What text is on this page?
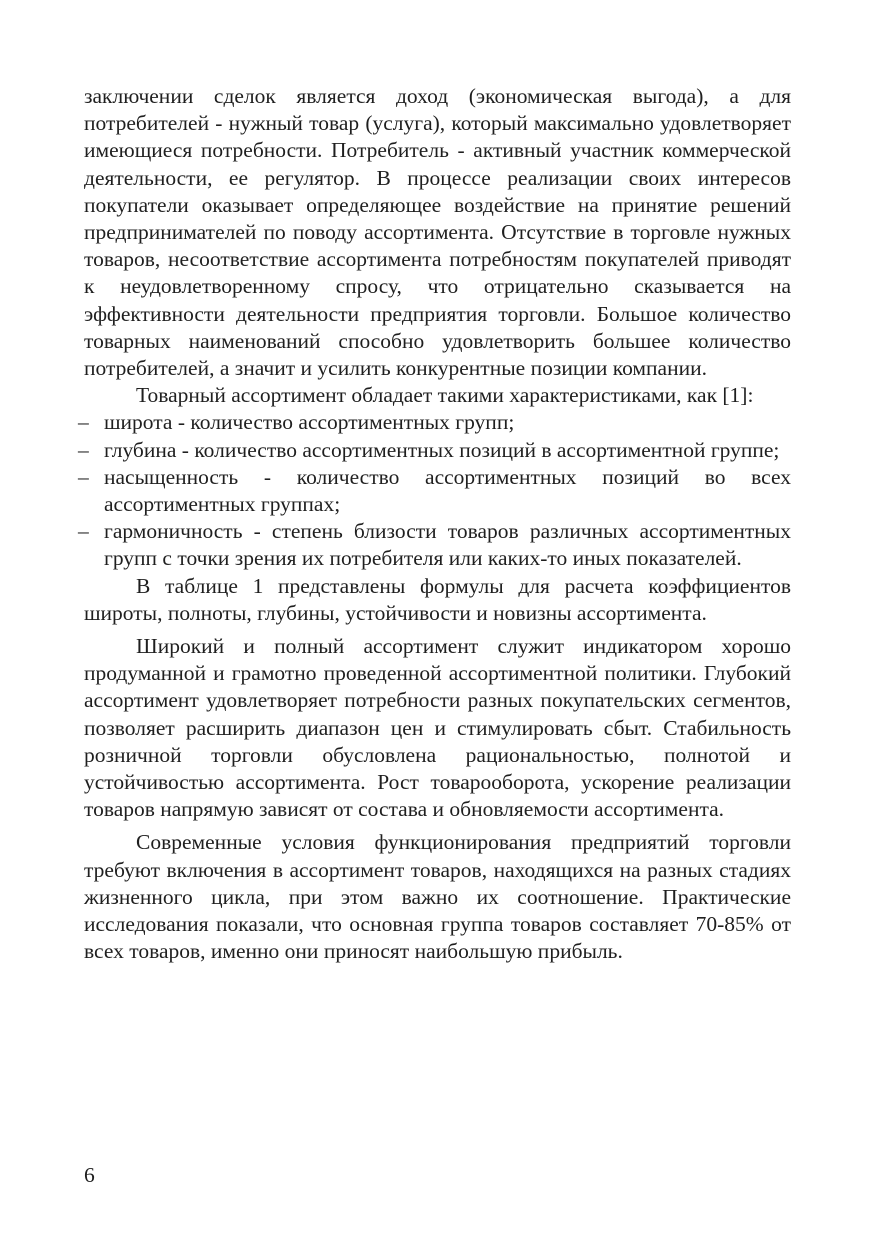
заключении сделок является доход (экономическая выгода), а для потребителей - нужный товар (услуга), который максимально удовлетворяет имеющиеся потребности. Потребитель - активный участник коммерческой деятельности, ее регулятор. В процессе реализации своих интересов покупатели оказывает определяющее воздействие на принятие решений предпринимателей по поводу ассортимента. Отсутствие в торговле нужных товаров, несоответствие ассортимента потребностям покупателей приводят к неудовлетворенному спросу, что отрицательно сказывается на эффективности деятельности предприятия торговли. Большое количество товарных наименований способно удовлетворить большее количество потребителей, а значит и усилить конкурентные позиции компании.

Товарный ассортимент обладает такими характеристиками, как [1]:

– широта - количество ассортиментных групп;
– глубина - количество ассортиментных позиций в ассортиментной группе;
– насыщенность - количество ассортиментных позиций во всех ассортиментных группах;
– гармоничность - степень близости товаров различных ассортиментных групп с точки зрения их потребителя или каких-то иных показателей.

В таблице 1 представлены формулы для расчета коэффициентов широты, полноты, глубины, устойчивости и новизны ассортимента.

Широкий и полный ассортимент служит индикатором хорошо продуманной и грамотно проведенной ассортиментной политики. Глубокий ассортимент удовлетворяет потребности разных покупательских сегментов, позволяет расширить диапазон цен и стимулировать сбыт. Стабильность розничной торговли обусловлена рациональностью, полнотой и устойчивостью ассортимента. Рост товарооборота, ускорение реализации товаров напрямую зависят от состава и обновляемости ассортимента.

Современные условия функционирования предприятий торговли требуют включения в ассортимент товаров, находящихся на разных стадиях жизненного цикла, при этом важно их соотношение. Практические исследования показали, что основная группа товаров составляет 70-85% от всех товаров, именно они приносят наибольшую прибыль.

6
